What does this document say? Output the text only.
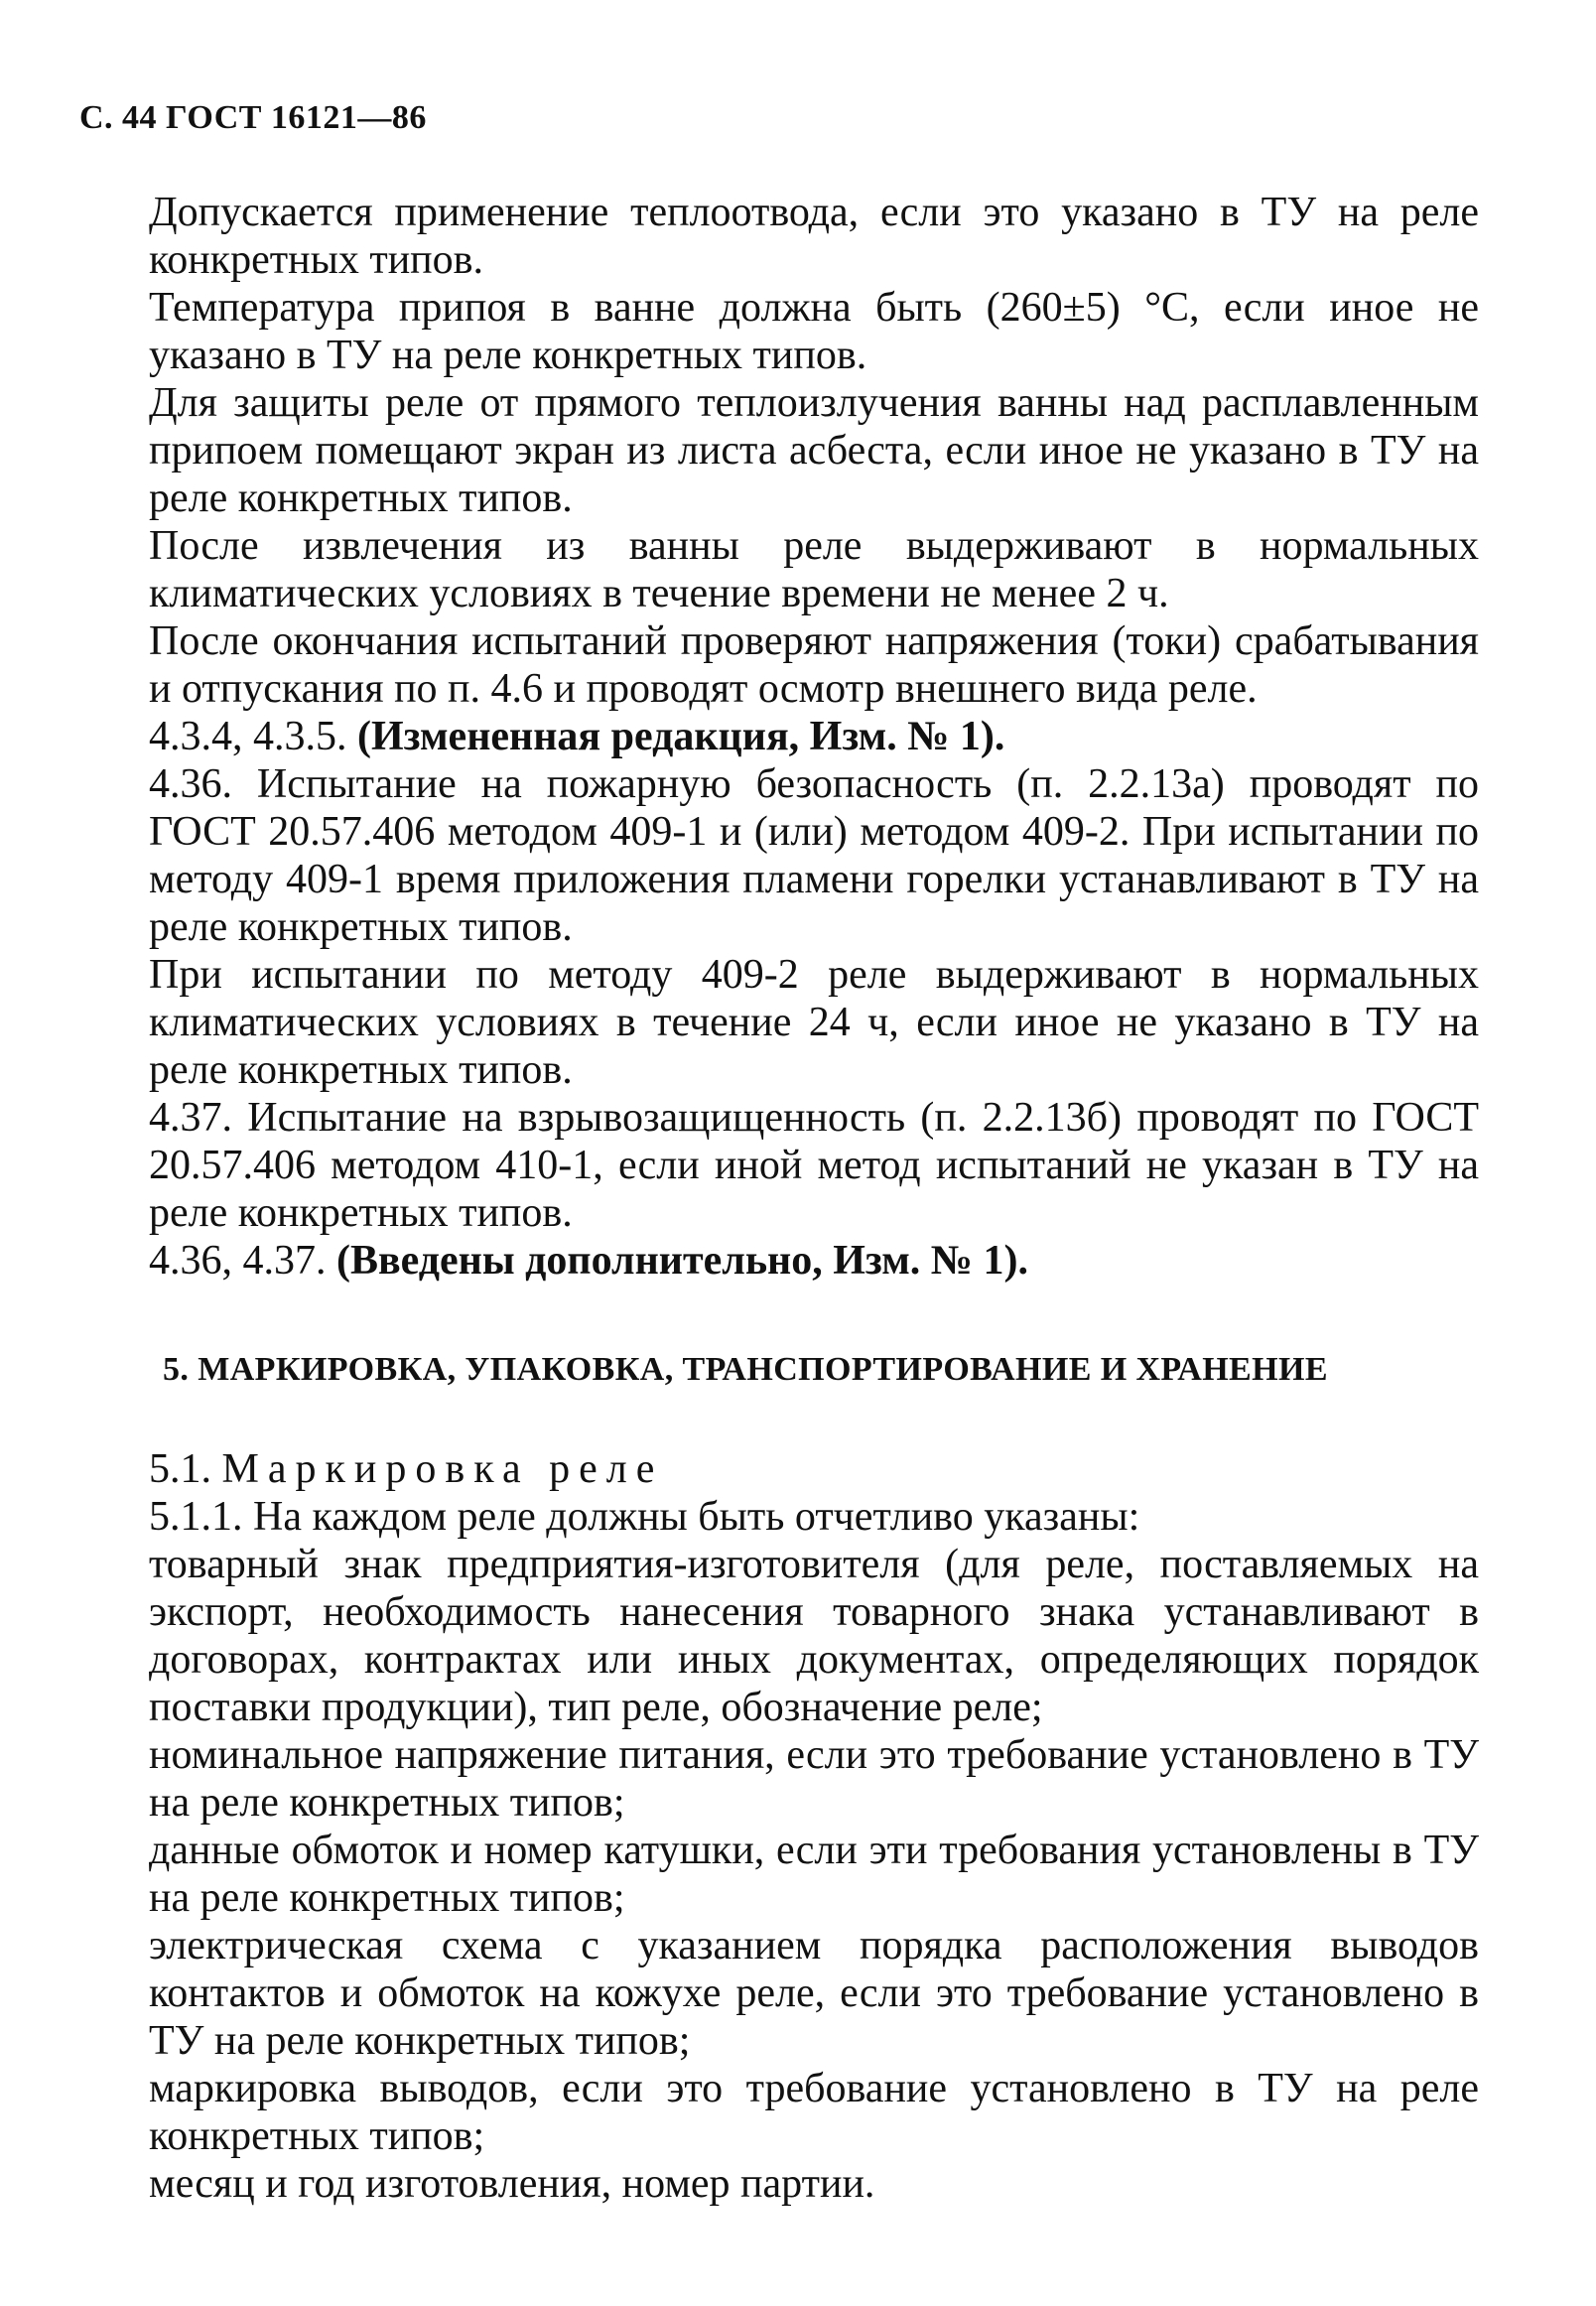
С. 44 ГОСТ 16121—86

Допускается применение теплоотвода, если это указано в ТУ на реле конкретных типов.

Температура припоя в ванне должна быть (260±5) °С, если иное не указано в ТУ на реле конкретных типов.

Для защиты реле от прямого теплоизлучения ванны над расплавленным припоем помещают экран из листа асбеста, если иное не указано в ТУ на реле конкретных типов.

После извлечения из ванны реле выдерживают в нормальных климатических условиях в течение времени не менее 2 ч.

После окончания испытаний проверяют напряжения (токи) срабатывания и отпускания по п. 4.6 и проводят осмотр внешнего вида реле.

4.3.4, 4.3.5. (Измененная редакция, Изм. № 1).

4.36. Испытание на пожарную безопасность (п. 2.2.13а) проводят по ГОСТ 20.57.406 методом 409-1 и (или) методом 409-2. При испытании по методу 409-1 время приложения пламени горелки устанавливают в ТУ на реле конкретных типов.

При испытании по методу 409-2 реле выдерживают в нормальных климатических условиях в течение 24 ч, если иное не указано в ТУ на реле конкретных типов.

4.37. Испытание на взрывозащищенность (п. 2.2.13б) проводят по ГОСТ 20.57.406 методом 410-1, если иной метод испытаний не указан в ТУ на реле конкретных типов.

4.36, 4.37. (Введены дополнительно, Изм. № 1).

5. МАРКИРОВКА, УПАКОВКА, ТРАНСПОРТИРОВАНИЕ И ХРАНЕНИЕ

5.1. Маркировка реле

5.1.1. На каждом реле должны быть отчетливо указаны:

товарный знак предприятия-изготовителя (для реле, поставляемых на экспорт, необходимость нанесения товарного знака устанавливают в договорах, контрактах или иных документах, определяющих порядок поставки продукции), тип реле, обозначение реле;

номинальное напряжение питания, если это требование установлено в ТУ на реле конкретных типов;

данные обмоток и номер катушки, если эти требования установлены в ТУ на реле конкретных типов;

электрическая схема с указанием порядка расположения выводов контактов и обмоток на кожухе реле, если это требование установлено в ТУ на реле конкретных типов;

маркировка выводов, если это требование установлено в ТУ на реле конкретных типов;

месяц и год изготовления, номер партии.
